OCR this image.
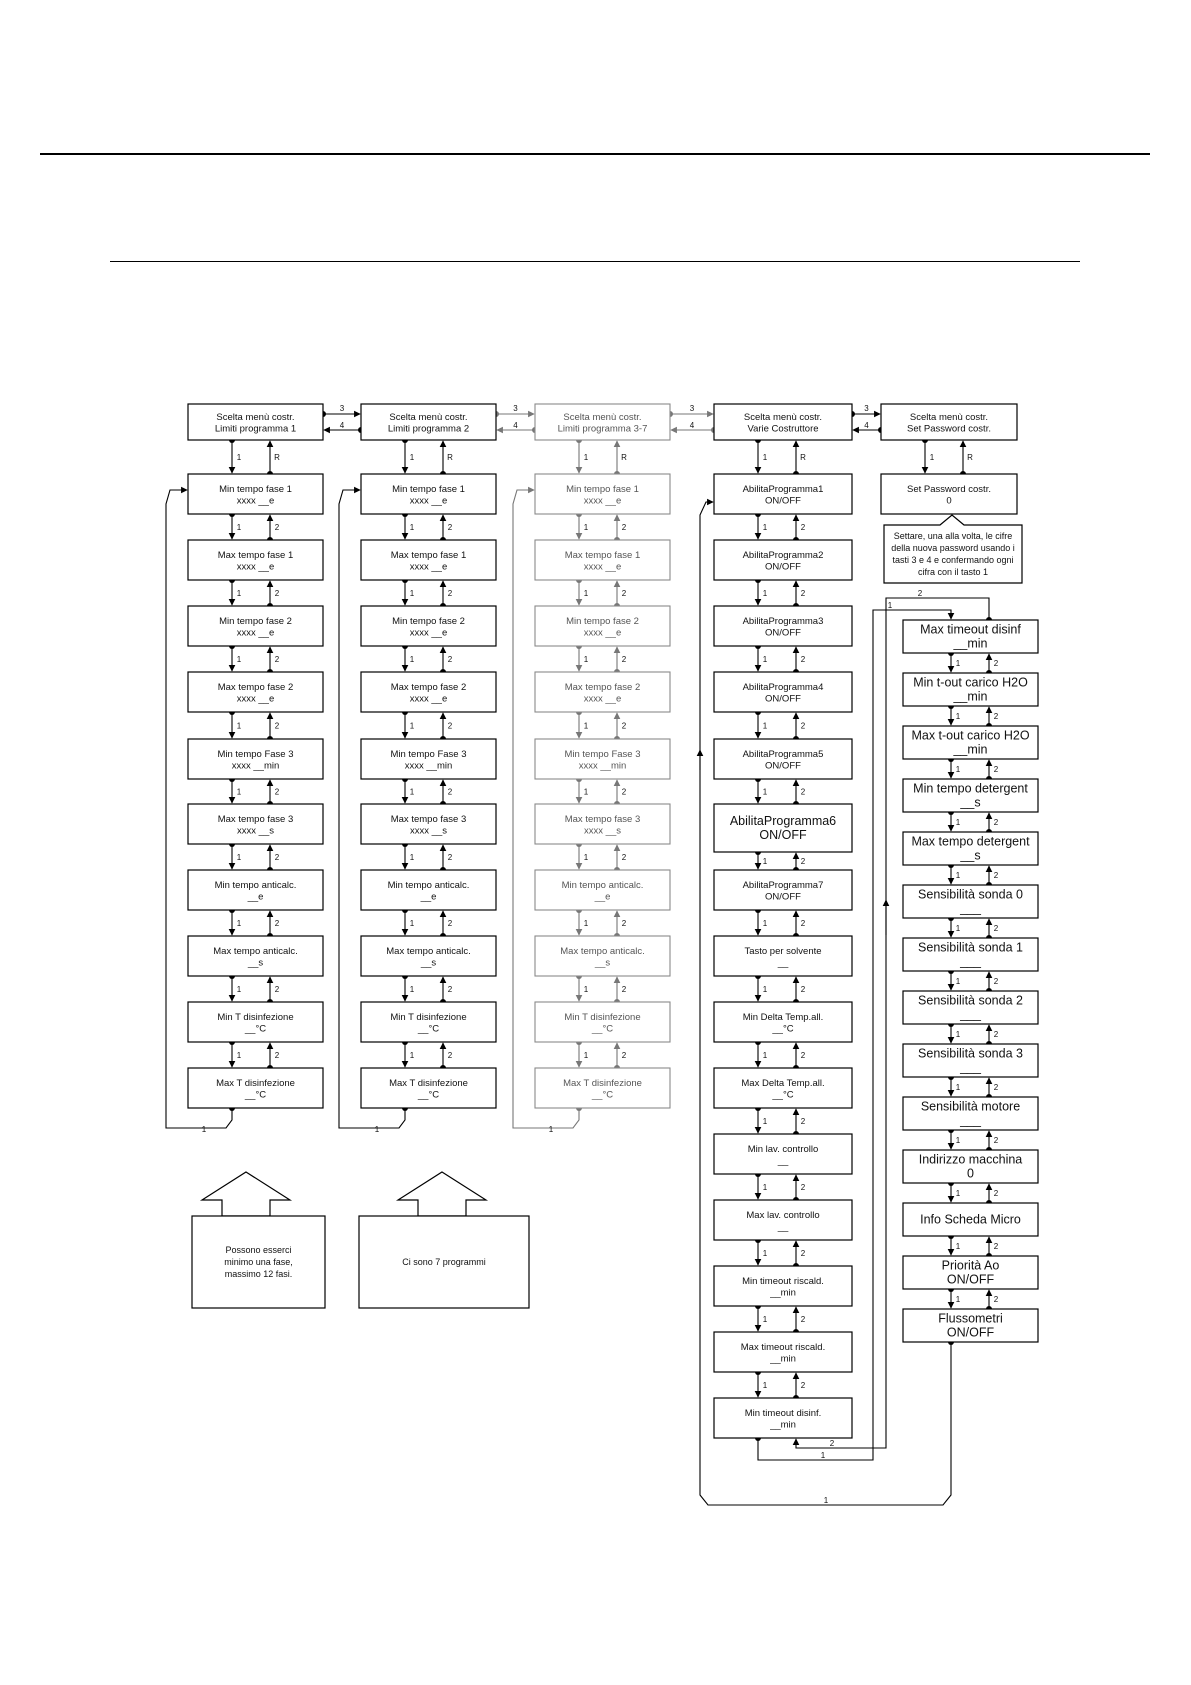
Scelta menù costr.
Limiti programma 1
1	R
Min tempo fase 1
xxxx __e
1	2
Max tempo fase 1
xxxx __e
1	2
Min tempo fase 2
xxxx __e
1	2
Max tempo fase 2
xxxx __e
1	2
Min tempo Fase 3
xxxx __min
1	2
Max tempo fase 3
xxxx __s
1	2
Min tempo anticalc.
__e
1	2
Max tempo anticalc.
__s
1	2
Min T disinfezione
__°C
1	2
Max T disinfezione
__°C
1
Scelta menù costr.
Limiti programma 2
1	R
Min tempo fase 1
xxxx __e
1	2
Max tempo fase 1
xxxx __e
1	2
Min tempo fase 2
xxxx __e
1	2
Max tempo fase 2
xxxx __e
1	2
Min tempo Fase 3
xxxx __min
1	2
Max tempo fase 3
xxxx __s
1	2
Min tempo anticalc.
__e
1	2
Max tempo anticalc.
__s
1	2
Min T disinfezione
__°C
1	2
Max T disinfezione
__°C
1
Scelta menù costr.
Limiti programma 3-7
1	R
Min tempo fase 1
xxxx __e
1	2
Max tempo fase 1
xxxx __e
1	2
Min tempo fase 2
xxxx __e
1	2
Max tempo fase 2
xxxx __e
1	2
Min tempo Fase 3
xxxx __min
1	2
Max tempo fase 3
xxxx __s
1	2
Min tempo anticalc.
__e
1	2
Max tempo anticalc.
__s
1	2
Min T disinfezione
__°C
1	2
Max T disinfezione
__°C
1
Scelta menù costr.
Varie Costruttore
1	R
AbilitaProgramma1
ON/OFF
1	2
AbilitaProgramma2
ON/OFF
1	2
AbilitaProgramma3
ON/OFF
1	2
AbilitaProgramma4
ON/OFF
1	2
AbilitaProgramma5
ON/OFF
1	2
AbilitaProgramma6
ON/OFF
1	2
AbilitaProgramma7
ON/OFF
1	2
Tasto per solvente
__
1	2
Min Delta Temp.all.
__°C
1	2
Max Delta Temp.all.
__°C
1	2
Min lav. controllo
__
1	2
Max lav. controllo
__
1	2
Min timeout riscald.
__min
1	2
Max timeout riscald.
__min
1	2
Min timeout disinf.
__min
Scelta menù costr.
Set Password costr.
Set Password costr.
0
1	R
Settare, una alla volta, le cifre
della nuova password usando i
tasti 3 e 4 e confermando ogni
cifra con il tasto 1
3
4
3
4
3
4
3
4
Max timeout disinf
__min
1	2
Min t-out carico H2O
__min
1	2
Max t-out carico H2O
__min
1	2
Min tempo detergent
__s
1	2
Max tempo detergent
__s
1	2
Sensibilità sonda 0
___
1	2
Sensibilità sonda 1
___
1	2
Sensibilità sonda 2
___
1	2
Sensibilità sonda 3
___
1	2
Sensibilità motore
___
1	2
Indirizzo macchina
0
1	2
Info Scheda Micro
1	2
Priorità Ao
ON/OFF
1	2
Flussometri
ON/OFF
1
1
2
2
1
Possono esserci
minimo una fase,
massimo 12 fasi.
Ci sono 7 programmi
